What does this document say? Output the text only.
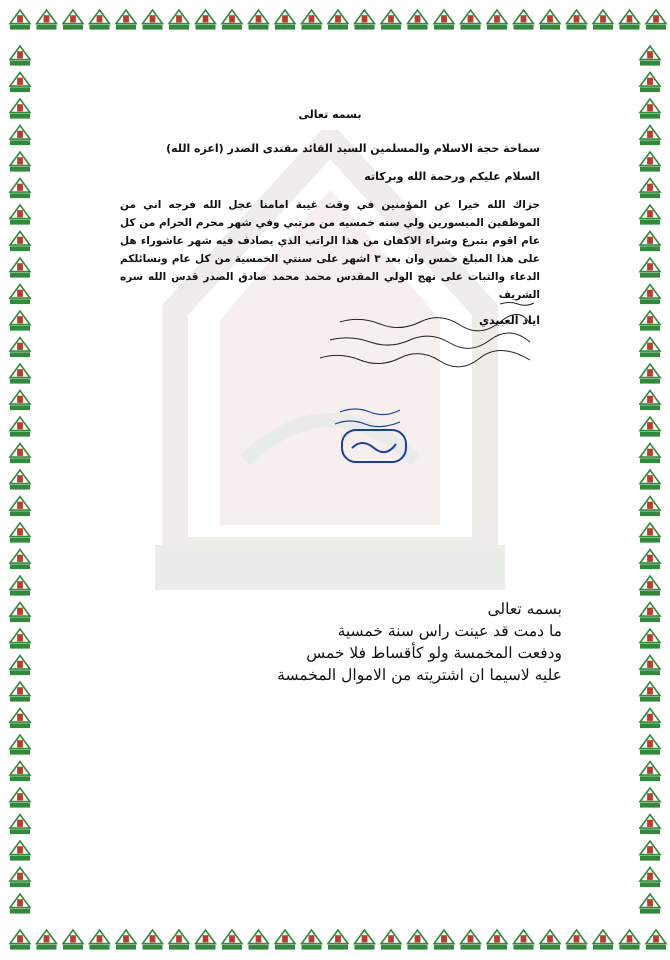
بسمه تعالى
سماحة حجة الاسلام والمسلمين السيد القائد مقتدى الصدر (اعزه الله)
السلام عليكم ورحمة الله وبركاته
جزاك الله خيرا عن المؤمنين في وقت غيبة امامنا عجل الله فرجه اني من الموظفين الميسورين ولي سنه خمسيه من مرتبي وفي شهر محرم الحرام من كل عام اقوم بتبرع وشراء الاكفان من هذا الراتب الذي يصادف فيه شهر عاشوراء هل على هذا المبلغ خمس وان بعد ٣ اشهر على سنتي الخمسية من كل عام ونسائلكم الدعاء والثبات على نهج الولي المقدس محمد محمد صادق الصدر قدس الله سره الشريف
اياد العبيدي
بسمه تعالى
ما دمت قد عينت راس سنة خمسية
ودفعت المخمسة ولو كأقساط فلا خمس
عليه لاسيما ان اشتريته من الاموال المخمسة
